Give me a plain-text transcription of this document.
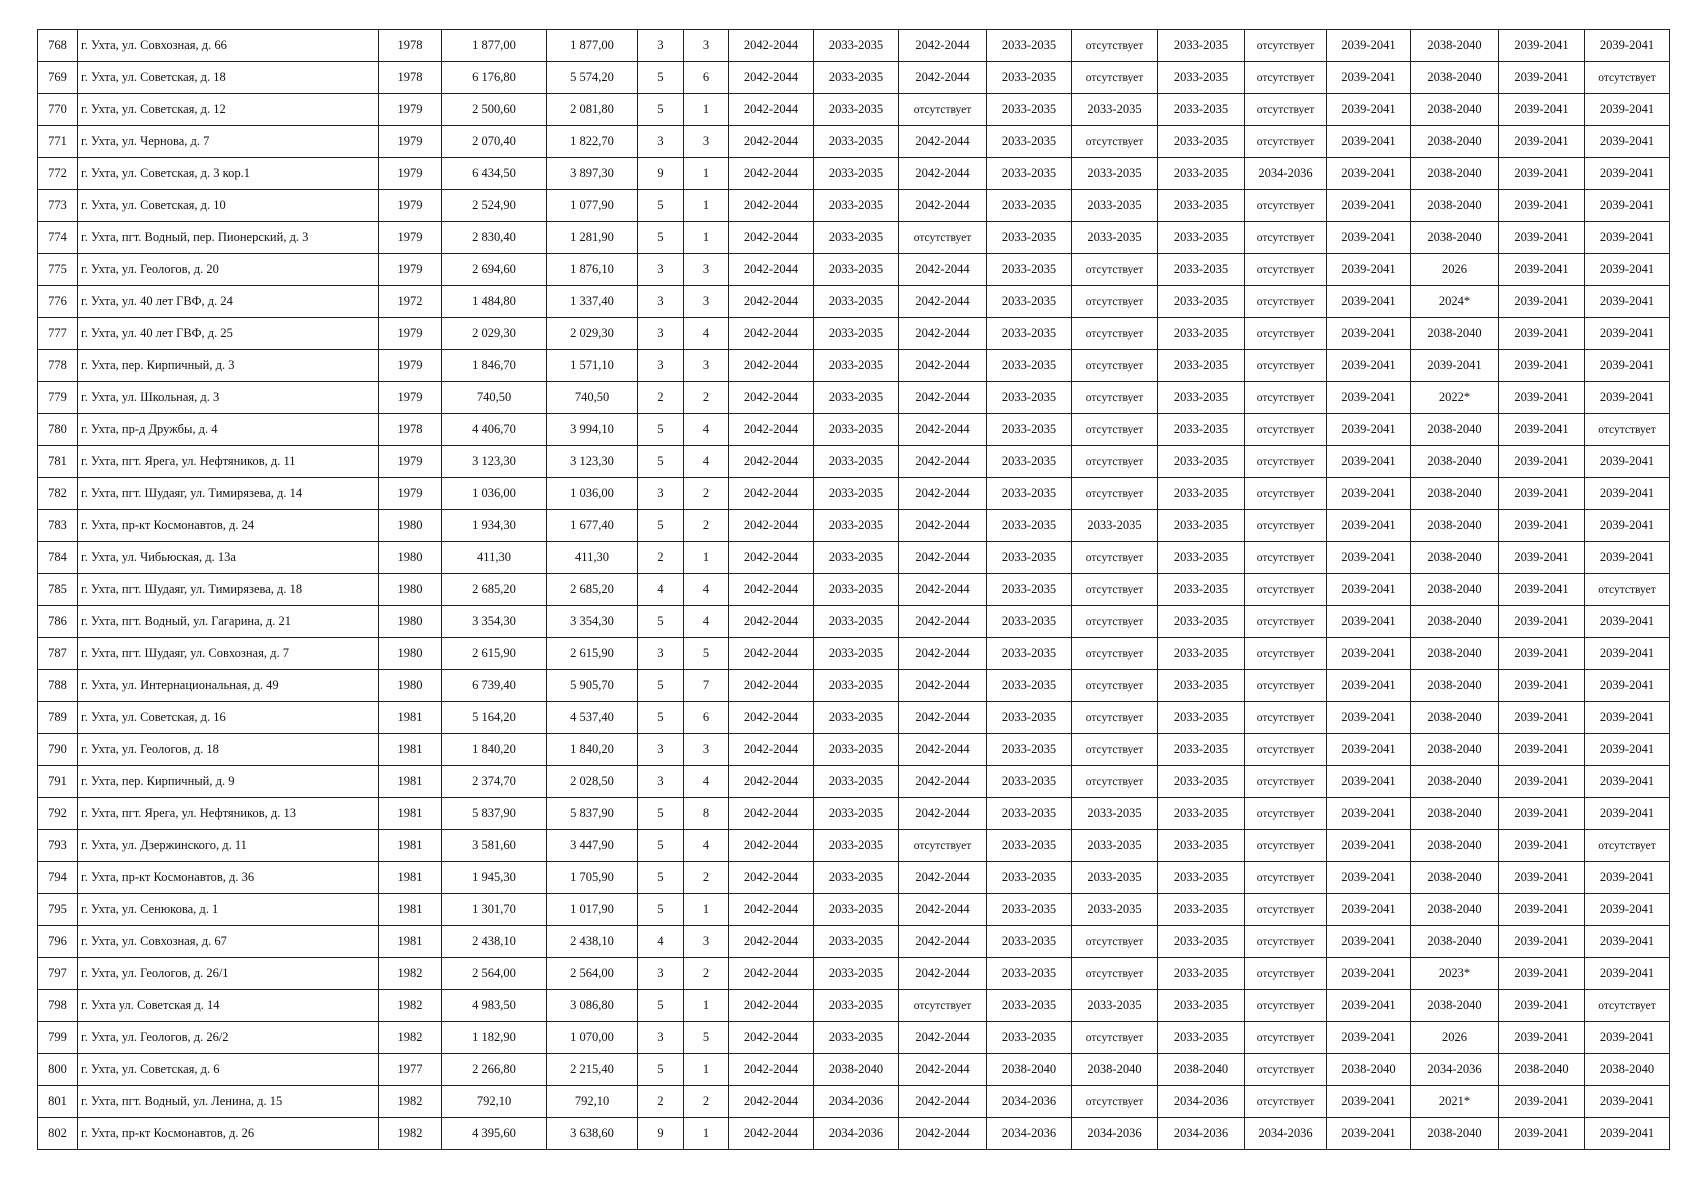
768	г. Ухта, ул. Совхозная, д. 66	1978	1 877,00	1 877,00	3	3	2042-2044	2033-2035	2042-2044	2033-2035	отсутствует	2033-2035	отсутствует	2039-2041	2038-2040	2039-2041	2039-2041
769	г. Ухта, ул. Советская, д. 18	1978	6 176,80	5 574,20	5	6	2042-2044	2033-2035	2042-2044	2033-2035	отсутствует	2033-2035	отсутствует	2039-2041	2038-2040	2039-2041	отсутствует
770	г. Ухта, ул. Советская, д. 12	1979	2 500,60	2 081,80	5	1	2042-2044	2033-2035	отсутствует	2033-2035	2033-2035	2033-2035	отсутствует	2039-2041	2038-2040	2039-2041	2039-2041
771	г. Ухта, ул. Чернова, д. 7	1979	2 070,40	1 822,70	3	3	2042-2044	2033-2035	2042-2044	2033-2035	отсутствует	2033-2035	отсутствует	2039-2041	2038-2040	2039-2041	2039-2041
772	г. Ухта, ул. Советская, д. 3 кор.1	1979	6 434,50	3 897,30	9	1	2042-2044	2033-2035	2042-2044	2033-2035	2033-2035	2033-2035	2034-2036	2039-2041	2038-2040	2039-2041	2039-2041
773	г. Ухта, ул. Советская, д. 10	1979	2 524,90	1 077,90	5	1	2042-2044	2033-2035	2042-2044	2033-2035	2033-2035	2033-2035	отсутствует	2039-2041	2038-2040	2039-2041	2039-2041
774	г. Ухта, пгт. Водный, пер. Пионерский, д. 3	1979	2 830,40	1 281,90	5	1	2042-2044	2033-2035	отсутствует	2033-2035	2033-2035	2033-2035	отсутствует	2039-2041	2038-2040	2039-2041	2039-2041
775	г. Ухта, ул. Геологов, д. 20	1979	2 694,60	1 876,10	3	3	2042-2044	2033-2035	2042-2044	2033-2035	отсутствует	2033-2035	отсутствует	2039-2041	2026	2039-2041	2039-2041
776	г. Ухта, ул. 40 лет ГВФ, д. 24	1972	1 484,80	1 337,40	3	3	2042-2044	2033-2035	2042-2044	2033-2035	отсутствует	2033-2035	отсутствует	2039-2041	2024*	2039-2041	2039-2041
777	г. Ухта, ул. 40 лет ГВФ, д. 25	1979	2 029,30	2 029,30	3	4	2042-2044	2033-2035	2042-2044	2033-2035	отсутствует	2033-2035	отсутствует	2039-2041	2038-2040	2039-2041	2039-2041
778	г. Ухта, пер. Кирпичный, д. 3	1979	1 846,70	1 571,10	3	3	2042-2044	2033-2035	2042-2044	2033-2035	отсутствует	2033-2035	отсутствует	2039-2041	2039-2041	2039-2041	2039-2041
779	г. Ухта, ул. Школьная, д. 3	1979	740,50	740,50	2	2	2042-2044	2033-2035	2042-2044	2033-2035	отсутствует	2033-2035	отсутствует	2039-2041	2022*	2039-2041	2039-2041
780	г. Ухта, пр-д Дружбы, д. 4	1978	4 406,70	3 994,10	5	4	2042-2044	2033-2035	2042-2044	2033-2035	отсутствует	2033-2035	отсутствует	2039-2041	2038-2040	2039-2041	отсутствует
781	г. Ухта, пгт. Ярега, ул. Нефтяников, д. 11	1979	3 123,30	3 123,30	5	4	2042-2044	2033-2035	2042-2044	2033-2035	отсутствует	2033-2035	отсутствует	2039-2041	2038-2040	2039-2041	2039-2041
782	г. Ухта, пгт. Шудаяг, ул. Тимирязева, д. 14	1979	1 036,00	1 036,00	3	2	2042-2044	2033-2035	2042-2044	2033-2035	отсутствует	2033-2035	отсутствует	2039-2041	2038-2040	2039-2041	2039-2041
783	г. Ухта, пр-кт Космонавтов, д. 24	1980	1 934,30	1 677,40	5	2	2042-2044	2033-2035	2042-2044	2033-2035	2033-2035	2033-2035	отсутствует	2039-2041	2038-2040	2039-2041	2039-2041
784	г. Ухта, ул. Чибьюская, д. 13а	1980	411,30	411,30	2	1	2042-2044	2033-2035	2042-2044	2033-2035	отсутствует	2033-2035	отсутствует	2039-2041	2038-2040	2039-2041	2039-2041
785	г. Ухта, пгт. Шудаяг, ул. Тимирязева, д. 18	1980	2 685,20	2 685,20	4	4	2042-2044	2033-2035	2042-2044	2033-2035	отсутствует	2033-2035	отсутствует	2039-2041	2038-2040	2039-2041	отсутствует
786	г. Ухта, пгт. Водный, ул. Гагарина, д. 21	1980	3 354,30	3 354,30	5	4	2042-2044	2033-2035	2042-2044	2033-2035	отсутствует	2033-2035	отсутствует	2039-2041	2038-2040	2039-2041	2039-2041
787	г. Ухта, пгт. Шудаяг, ул. Совхозная, д. 7	1980	2 615,90	2 615,90	3	5	2042-2044	2033-2035	2042-2044	2033-2035	отсутствует	2033-2035	отсутствует	2039-2041	2038-2040	2039-2041	2039-2041
788	г. Ухта, ул. Интернациональная, д. 49	1980	6 739,40	5 905,70	5	7	2042-2044	2033-2035	2042-2044	2033-2035	отсутствует	2033-2035	отсутствует	2039-2041	2038-2040	2039-2041	2039-2041
789	г. Ухта, ул. Советская, д. 16	1981	5 164,20	4 537,40	5	6	2042-2044	2033-2035	2042-2044	2033-2035	отсутствует	2033-2035	отсутствует	2039-2041	2038-2040	2039-2041	2039-2041
790	г. Ухта, ул. Геологов, д. 18	1981	1 840,20	1 840,20	3	3	2042-2044	2033-2035	2042-2044	2033-2035	отсутствует	2033-2035	отсутствует	2039-2041	2038-2040	2039-2041	2039-2041
791	г. Ухта, пер. Кирпичный, д. 9	1981	2 374,70	2 028,50	3	4	2042-2044	2033-2035	2042-2044	2033-2035	отсутствует	2033-2035	отсутствует	2039-2041	2038-2040	2039-2041	2039-2041
792	г. Ухта, пгт. Ярега, ул. Нефтяников, д. 13	1981	5 837,90	5 837,90	5	8	2042-2044	2033-2035	2042-2044	2033-2035	2033-2035	2033-2035	отсутствует	2039-2041	2038-2040	2039-2041	2039-2041
793	г. Ухта, ул. Дзержинского, д. 11	1981	3 581,60	3 447,90	5	4	2042-2044	2033-2035	отсутствует	2033-2035	2033-2035	2033-2035	отсутствует	2039-2041	2038-2040	2039-2041	отсутствует
794	г. Ухта, пр-кт Космонавтов, д. 36	1981	1 945,30	1 705,90	5	2	2042-2044	2033-2035	2042-2044	2033-2035	2033-2035	2033-2035	отсутствует	2039-2041	2038-2040	2039-2041	2039-2041
795	г. Ухта, ул. Сенюкова, д. 1	1981	1 301,70	1 017,90	5	1	2042-2044	2033-2035	2042-2044	2033-2035	2033-2035	2033-2035	отсутствует	2039-2041	2038-2040	2039-2041	2039-2041
796	г. Ухта, ул. Совхозная, д. 67	1981	2 438,10	2 438,10	4	3	2042-2044	2033-2035	2042-2044	2033-2035	отсутствует	2033-2035	отсутствует	2039-2041	2038-2040	2039-2041	2039-2041
797	г. Ухта, ул. Геологов, д. 26/1	1982	2 564,00	2 564,00	3	2	2042-2044	2033-2035	2042-2044	2033-2035	отсутствует	2033-2035	отсутствует	2039-2041	2023*	2039-2041	2039-2041
798	г. Ухта ул. Советская д. 14	1982	4 983,50	3 086,80	5	1	2042-2044	2033-2035	отсутствует	2033-2035	2033-2035	2033-2035	отсутствует	2039-2041	2038-2040	2039-2041	отсутствует
799	г. Ухта, ул. Геологов, д. 26/2	1982	1 182,90	1 070,00	3	5	2042-2044	2033-2035	2042-2044	2033-2035	отсутствует	2033-2035	отсутствует	2039-2041	2026	2039-2041	2039-2041
800	г. Ухта, ул. Советская, д. 6	1977	2 266,80	2 215,40	5	1	2042-2044	2038-2040	2042-2044	2038-2040	2038-2040	2038-2040	отсутствует	2038-2040	2034-2036	2038-2040	2038-2040
801	г. Ухта, пгт. Водный, ул. Ленина, д. 15	1982	792,10	792,10	2	2	2042-2044	2034-2036	2042-2044	2034-2036	отсутствует	2034-2036	отсутствует	2039-2041	2021*	2039-2041	2039-2041
802	г. Ухта, пр-кт Космонавтов, д. 26	1982	4 395,60	3 638,60	9	1	2042-2044	2034-2036	2042-2044	2034-2036	2034-2036	2034-2036	2034-2036	2039-2041	2038-2040	2039-2041	2039-2041
